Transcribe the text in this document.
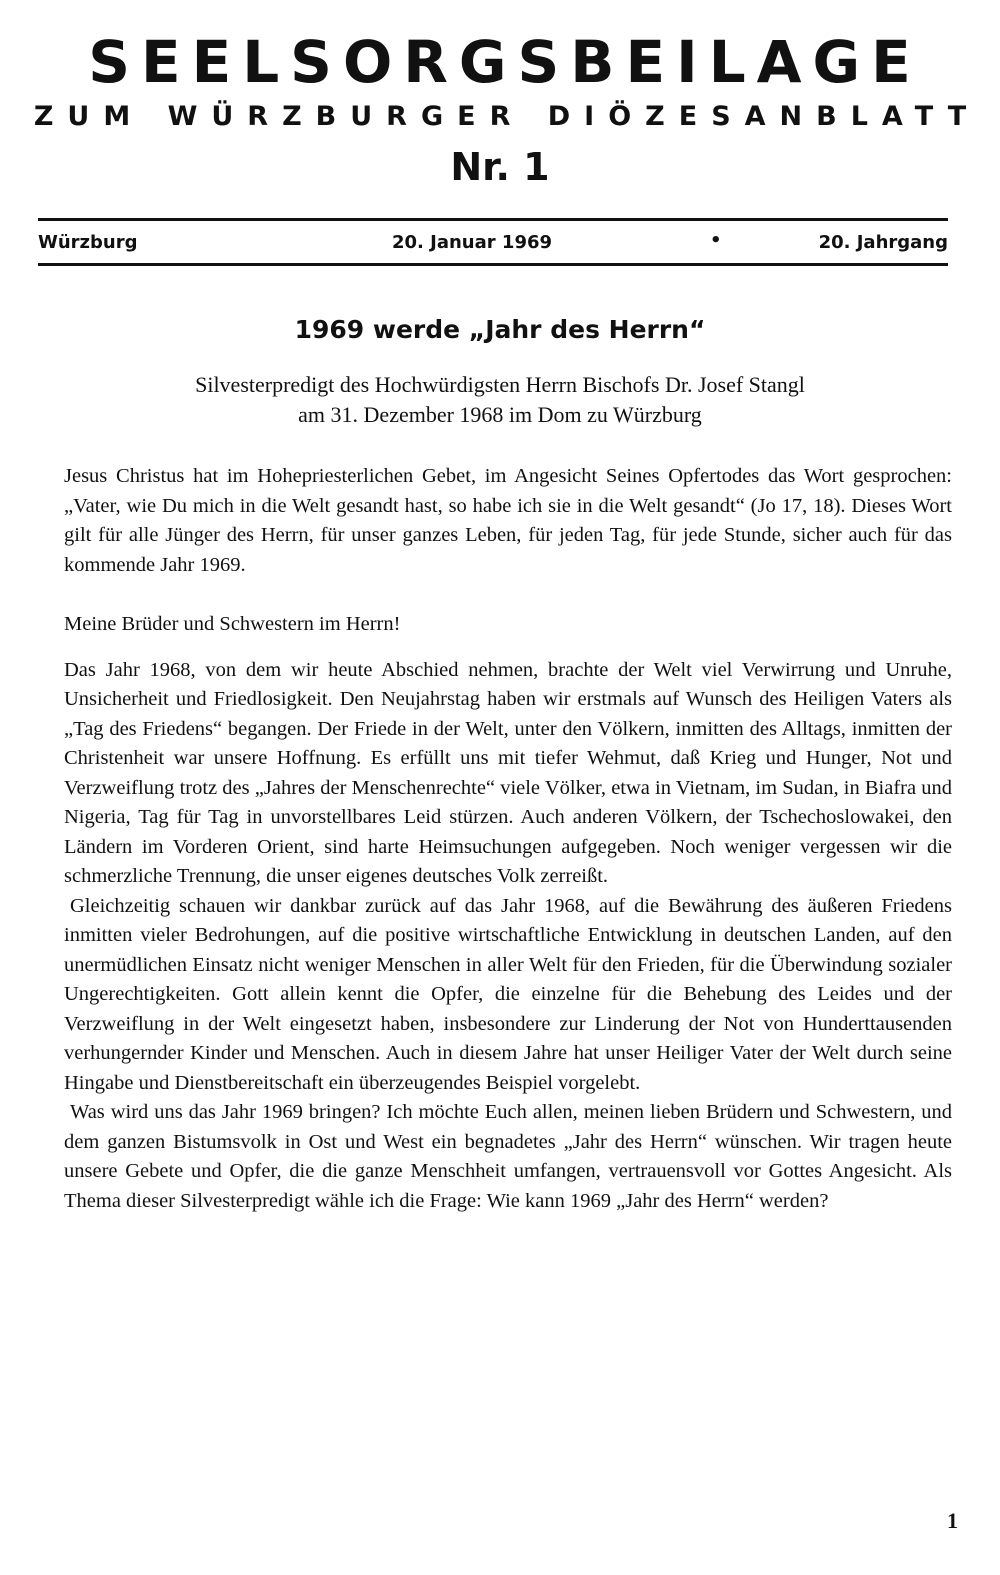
SEELSORGSBEILAGE
ZUM WÜRZBURGER DIÖZESANBLATT
Nr. 1
Würzburg	20. Januar 1969	•	20. Jahrgang
1969 werde „Jahr des Herrn“
Silvesterpredigt des Hochwürdigsten Herrn Bischofs Dr. Josef Stangl
am 31. Dezember 1968 im Dom zu Würzburg

Jesus Christus hat im Hohepriesterlichen Gebet, im Angesicht Seines Opfertodes das Wort gesprochen: „Vater, wie Du mich in die Welt gesandt hast, so habe ich sie in die Welt gesandt“ (Jo 17, 18). Dieses Wort gilt für alle Jünger des Herrn, für unser ganzes Leben, für jeden Tag, für jede Stunde, sicher auch für das kommende Jahr 1969.

Meine Brüder und Schwestern im Herrn!

Das Jahr 1968, von dem wir heute Abschied nehmen, brachte der Welt viel Verwirrung und Unruhe, Unsicherheit und Friedlosigkeit. Den Neujahrstag haben wir erstmals auf Wunsch des Heiligen Vaters als „Tag des Friedens“ begangen. Der Friede in der Welt, unter den Völkern, inmitten des Alltags, inmitten der Christenheit war unsere Hoffnung. Es erfüllt uns mit tiefer Wehmut, daß Krieg und Hunger, Not und Verzweiflung trotz des „Jahres der Menschenrechte“ viele Völker, etwa in Vietnam, im Sudan, in Biafra und Nigeria, Tag für Tag in unvorstellbares Leid stürzen. Auch anderen Völkern, der Tschechoslowakei, den Ländern im Vorderen Orient, sind harte Heimsuchungen aufgegeben. Noch weniger vergessen wir die schmerzliche Trennung, die unser eigenes deutsches Volk zerreißt.

Gleichzeitig schauen wir dankbar zurück auf das Jahr 1968, auf die Bewährung des äußeren Friedens inmitten vieler Bedrohungen, auf die positive wirtschaftliche Entwicklung in deutschen Landen, auf den unermüdlichen Einsatz nicht weniger Menschen in aller Welt für den Frieden, für die Überwindung sozialer Ungerechtigkeiten. Gott allein kennt die Opfer, die einzelne für die Behebung des Leides und der Verzweiflung in der Welt eingesetzt haben, insbesondere zur Linderung der Not von Hunderttausenden verhungernder Kinder und Menschen. Auch in diesem Jahre hat unser Heiliger Vater der Welt durch seine Hingabe und Dienstbereitschaft ein überzeugendes Beispiel vorgelebt.

Was wird uns das Jahr 1969 bringen? Ich möchte Euch allen, meinen lieben Brüdern und Schwestern, und dem ganzen Bistumsvolk in Ost und West ein begnadetes „Jahr des Herrn“ wünschen. Wir tragen heute unsere Gebete und Opfer, die die ganze Menschheit umfangen, vertrauensvoll vor Gottes Angesicht. Als Thema dieser Silvesterpredigt wähle ich die Frage: Wie kann 1969 „Jahr des Herrn“ werden?

1
